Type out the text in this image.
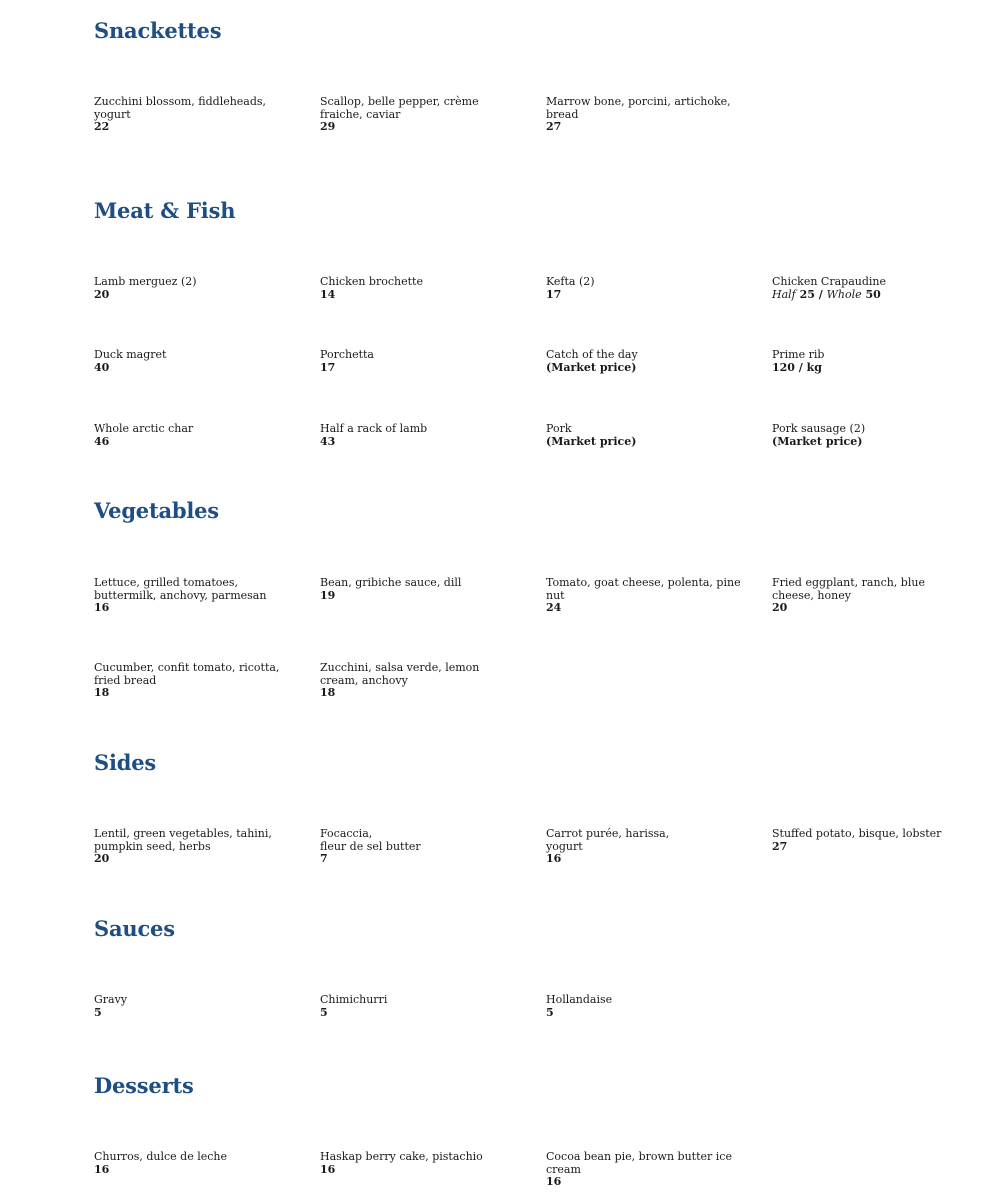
Snackettes
Zucchini blossom, fiddleheads, yogurt
22
Scallop, belle pepper, crème fraiche, caviar
29
Marrow bone, porcini, artichoke, bread
27
Meat & Fish
Lamb merguez (2)
20
Chicken brochette
14
Kefta (2)
17
Chicken Crapaudine
Half 25 / Whole 50
Duck magret
40
Porchetta
17
Catch of the day
(Market price)
Prime rib
120 / kg
Whole arctic char
46
Half a rack of lamb
43
Pork
(Market price)
Pork sausage (2)
(Market price)
Vegetables
Lettuce, grilled tomatoes, buttermilk, anchovy, parmesan
16
Bean, gribiche sauce, dill
19
Tomato, goat cheese, polenta, pine nut
24
Fried eggplant, ranch, blue cheese, honey
20
Cucumber, confit tomato, ricotta, fried bread
18
Zucchini, salsa verde, lemon cream, anchovy
18
Sides
Lentil, green vegetables, tahini, pumpkin seed, herbs
20
Focaccia,
fleur de sel butter
7
Carrot purée, harissa,
yogurt
16
Stuffed potato, bisque, lobster
27
Sauces
Gravy
5
Chimichurri
5
Hollandaise
5
Desserts
Churros, dulce de leche
16
Haskap berry cake, pistachio
16
Cocoa bean pie, brown butter ice cream
16
